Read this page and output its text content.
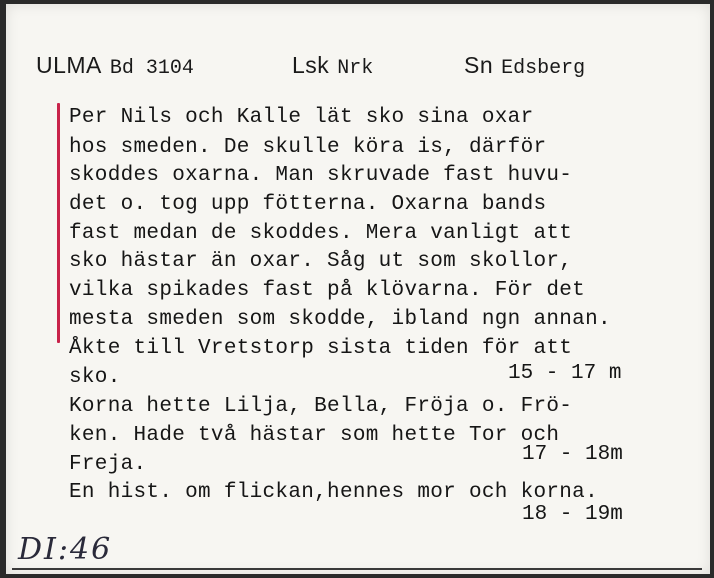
ULMA Bd 3104	Lsk Nrk	Sn Edsberg
Per Nils och Kalle lät sko sina oxar
hos smeden. De skulle köra is, därför
skoddes oxarna. Man skruvade fast huvu-
det o. tog upp fötterna. Oxarna bands
fast medan de skoddes. Mera vanligt att
sko hästar än oxar. Såg ut som skollor,
vilka spikades fast på klövarna. För det
mesta smeden som skodde, ibland ngn annan.
Åkte till Vretstorp sista tiden för att
sko.	15 - 17 m
Korna hette Lilja, Bella, Fröja o. Frö-
ken. Hade två hästar som hette Tor och
Freja.	17 - 18m
En hist. om flickan,hennes mor och korna.
18 - 19m
DI:46
